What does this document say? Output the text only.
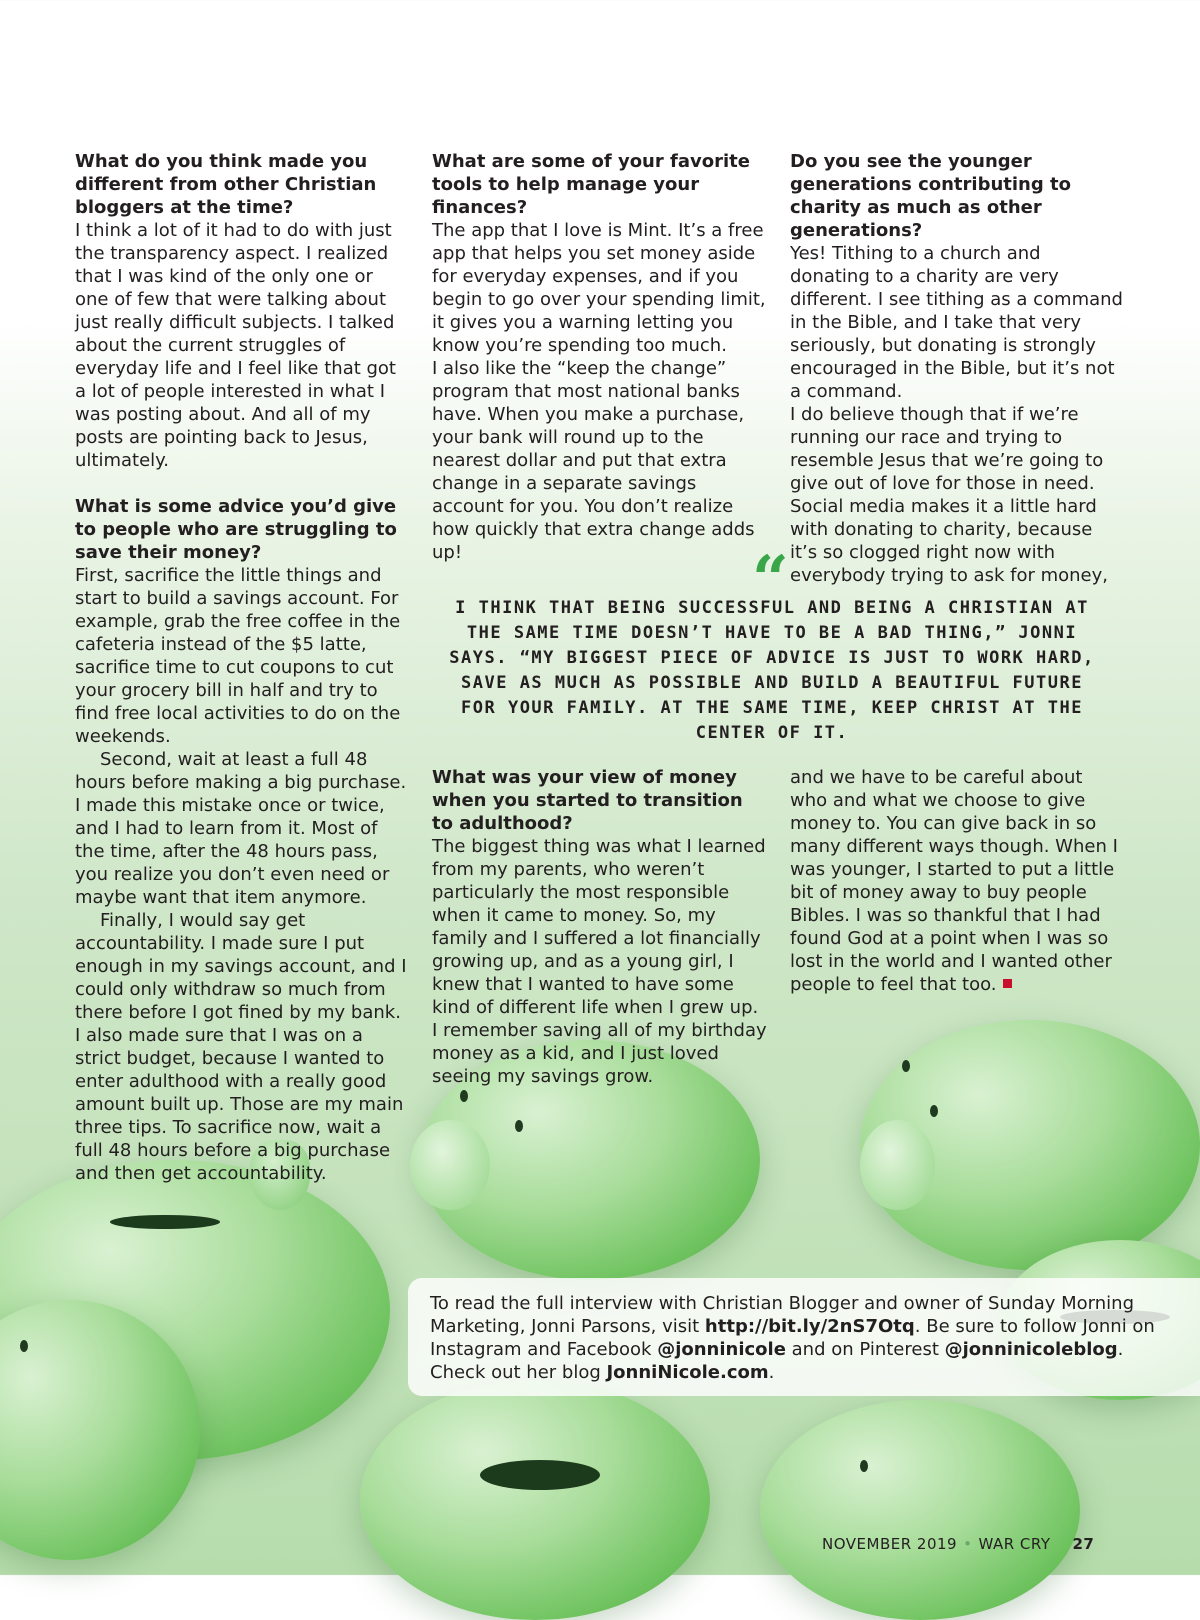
What do you think made you different from other Christian bloggers at the time?

I think a lot of it had to do with just the transparency aspect. I realized that I was kind of the only one or one of few that were talking about just really difficult subjects. I talked about the current struggles of everyday life and I feel like that got a lot of people interested in what I was posting about. And all of my posts are pointing back to Jesus, ultimately.

What is some advice you’d give to people who are struggling to save their money?

First, sacrifice the little things and start to build a savings account. For example, grab the free coffee in the cafeteria instead of the $5 latte, sacrifice time to cut coupons to cut your grocery bill in half and try to find free local activities to do on the weekends.

Second, wait at least a full 48 hours before making a big purchase. I made this mistake once or twice, and I had to learn from it. Most of the time, after the 48 hours pass, you realize you don’t even need or maybe want that item anymore.

Finally, I would say get accountability. I made sure I put enough in my savings account, and I could only withdraw so much from there before I got fined by my bank. I also made sure that I was on a strict budget, because I wanted to enter adulthood with a really good amount built up. Those are my main three tips. To sacrifice now, wait a full 48 hours before a big purchase and then get accountability.

What are some of your favorite tools to help manage your finances?

The app that I love is Mint. It’s a free app that helps you set money aside for everyday expenses, and if you begin to go over your spending limit, it gives you a warning letting you know you’re spending too much.

I also like the “keep the change” program that most national banks have. When you make a purchase, your bank will round up to the nearest dollar and put that extra change in a separate savings account for you. You don’t realize how quickly that extra change adds up!

Do you see the younger generations contributing to charity as much as other generations?

Yes! Tithing to a church and donating to a charity are very different. I see tithing as a command in the Bible, and I take that very seriously, but donating is strongly encouraged in the Bible, but it’s not a command.

I do believe though that if we’re running our race and trying to resemble Jesus that we’re going to give out of love for those in need. Social media makes it a little hard with donating to charity, because it’s so clogged right now with everybody trying to ask for money,

“
I THINK THAT BEING SUCCESSFUL AND BEING A CHRISTIAN AT THE SAME TIME DOESN’T HAVE TO BE A BAD THING,” JONNI SAYS. “MY BIGGEST PIECE OF ADVICE IS JUST TO WORK HARD, SAVE AS MUCH AS POSSIBLE AND BUILD A BEAUTIFUL FUTURE FOR YOUR FAMILY. AT THE SAME TIME, KEEP CHRIST AT THE CENTER OF IT.

What was your view of money when you started to transition to adulthood?

The biggest thing was what I learned from my parents, who weren’t particularly the most responsible when it came to money. So, my family and I suffered a lot financially growing up, and as a young girl, I knew that I wanted to have some kind of different life when I grew up. I remember saving all of my birthday money as a kid, and I just loved seeing my savings grow.

and we have to be careful about who and what we choose to give money to. You can give back in so many different ways though. When I was younger, I started to put a little bit of money away to buy people Bibles. I was so thankful that I had found God at a point when I was so lost in the world and I wanted other people to feel that too.

To read the full interview with Christian Blogger and owner of Sunday Morning Marketing, Jonni Parsons, visit http://bit.ly/2nS7Otq. Be sure to follow Jonni on Instagram and Facebook @jonninicole and on Pinterest @jonninicoleblog. Check out her blog JonniNicole.com.
NOVEMBER 2019 • WAR CRY 27
